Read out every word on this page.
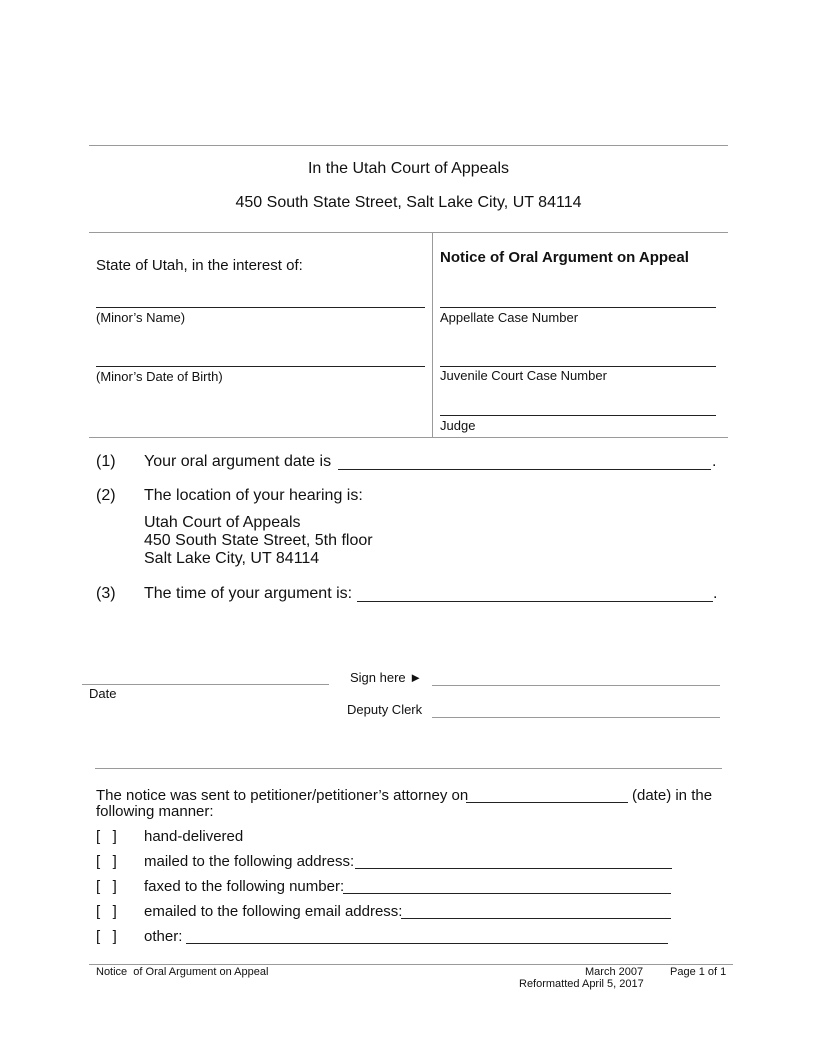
In the Utah Court of Appeals
450 South State Street, Salt Lake City, UT 84114
State of Utah, in the interest of:
(Minor’s Name)
(Minor’s Date of Birth)
Notice of Oral Argument on Appeal
Appellate Case Number
Juvenile Court Case Number
Judge
(1) Your oral argument date is	.
(2) The location of your hearing is:
Utah Court of Appeals
450 South State Street, 5th floor
Salt Lake City, UT 84114
(3) The time of your argument is:	.
Date
Sign here ►
Deputy Clerk
The notice was sent to petitioner/petitioner’s attorney on	(date) in the
following manner:
[   ] hand-delivered
[   ] mailed to the following address:
[   ] faxed to the following number:
[   ] emailed to the following email address:
[   ] other:
Notice  of Oral Argument on Appeal	March 2007 Page 1 of 1
Reformatted April 5, 2017
